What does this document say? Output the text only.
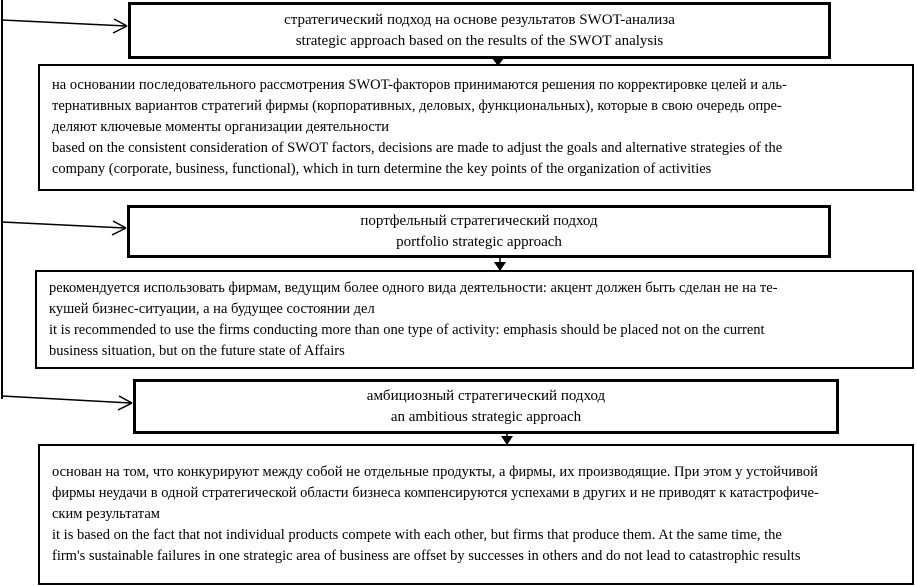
стратегический подход на основе результатов SWOT-анализа
strategic approach based on the results of the SWOT analysis
на основании последовательного рассмотрения SWOT-факторов принимаются решения по корректировке целей и аль-
тернативных вариантов стратегий фирмы (корпоративных, деловых, функциональных), которые в свою очередь опре-
деляют ключевые моменты организации деятельности
based on the consistent consideration of SWOT factors, decisions are made to adjust the goals and alternative strategies of the
company (corporate, business, functional), which in turn determine the key points of the organization of activities
портфельный стратегический подход
portfolio strategic approach
рекомендуется использовать фирмам, ведущим более одного вида деятельности: акцент должен быть сделан не на те-
кушей бизнес-ситуации, а на будущее состоянии дел
it is recommended to use the firms conducting more than one type of activity: emphasis should be placed not on the current
business situation, but on the future state of Affairs
амбициозный стратегический подход
an ambitious strategic approach
основан на том, что конкурируют между собой не отдельные продукты, а фирмы, их производящие. При этом у устойчивой
фирмы неудачи в одной стратегической области бизнеса компенсируются успехами в других и не приводят к катастрофиче-
ским результатам
it is based on the fact that not individual products compete with each other, but firms that produce them. At the same time, the
firm's sustainable failures in one strategic area of business are offset by successes in others and do not lead to catastrophic results
